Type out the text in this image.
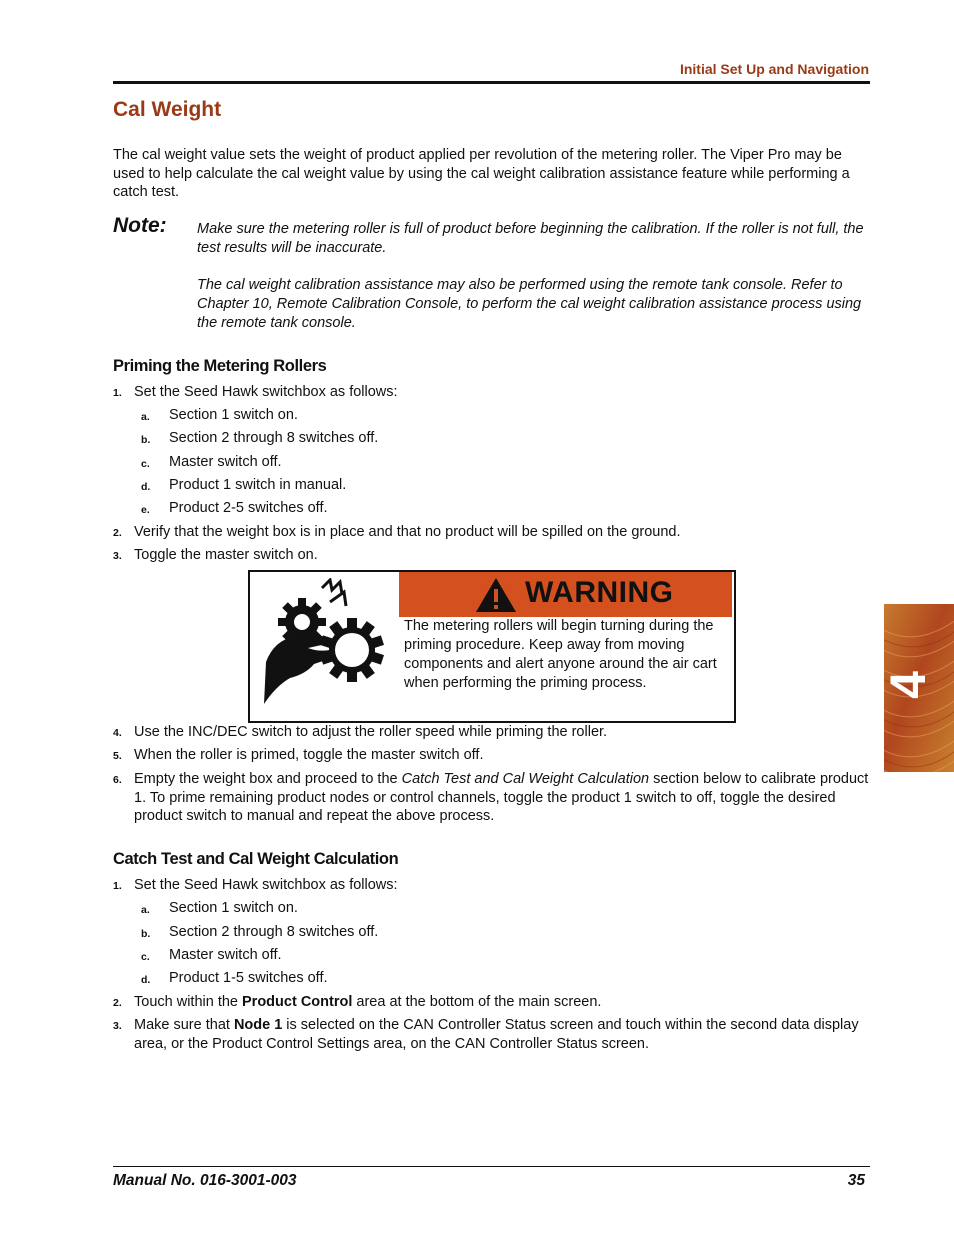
Initial Set Up and Navigation
Cal Weight
The cal weight value sets the weight of product applied per revolution of the metering roller. The Viper Pro may be used to help calculate the cal weight value by using the cal weight calibration assistance feature while performing a catch test.
Note: Make sure the metering roller is full of product before beginning the calibration. If the roller is not full, the test results will be inaccurate.
The cal weight calibration assistance may also be performed using the remote tank console. Refer to Chapter 10, Remote Calibration Console, to perform the cal weight calibration assistance process using the remote tank console.
Priming the Metering Rollers
1. Set the Seed Hawk switchbox as follows:
a. Section 1 switch on.
b. Section 2 through 8 switches off.
c. Master switch off.
d. Product 1 switch in manual.
e. Product 2-5 switches off.
2. Verify that the weight box is in place and that no product will be spilled on the ground.
3. Toggle the master switch on.
WARNING
The metering rollers will begin turning during the priming procedure. Keep away from moving components and alert anyone around the air cart when performing the priming process.
4. Use the INC/DEC switch to adjust the roller speed while priming the roller.
5. When the roller is primed, toggle the master switch off.
6. Empty the weight box and proceed to the Catch Test and Cal Weight Calculation section below to calibrate product 1. To prime remaining product nodes or control channels, toggle the product 1 switch to off, toggle the desired product switch to manual and repeat the above process.
Catch Test and Cal Weight Calculation
1. Set the Seed Hawk switchbox as follows:
a. Section 1 switch on.
b. Section 2 through 8 switches off.
c. Master switch off.
d. Product 1-5 switches off.
2. Touch within the Product Control area at the bottom of the main screen.
3. Make sure that Node 1 is selected on the CAN Controller Status screen and touch within the second data display area, or the Product Control Settings area, on the CAN Controller Status screen.
4
Manual No. 016-3001-003	35
